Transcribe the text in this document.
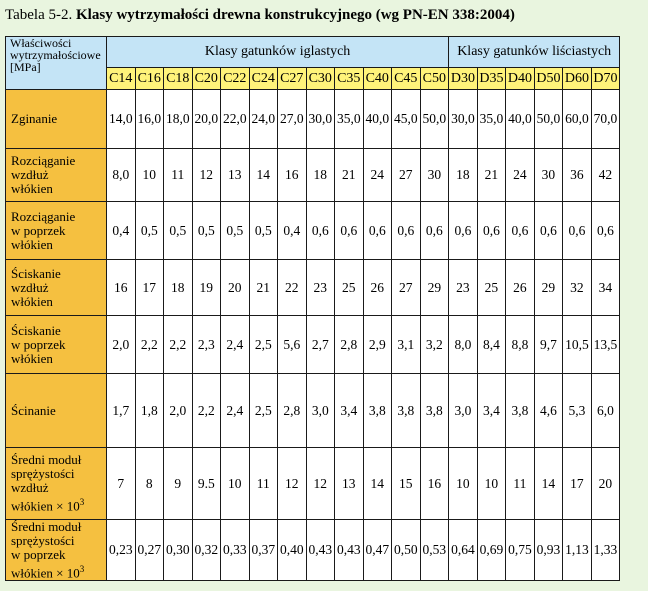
Tabela 5-2. Klasy wytrzymałości drewna konstrukcyjnego (wg PN-EN 338:2004)
Właściwości
wytrzymałościowe
[MPa]	Klasy gatunków iglastych												Klasy gatunków liściastych					
	C14	C16	C18	C20	C22	C24	C27	C30	C35	C40	C45	C50	D30	D35	D40	D50	D60	D70

Zginanie	14,0	16,0	18,0	20,0	22,0	24,0	27,0	30,0	35,0	40,0	45,0	50,0	30,0	35,0	40,0	50,0	60,0	70,0

Rozciąganie
wzdłuż
włókien	8,0	10	11	12	13	14	16	18	21	24	27	30	18	21	24	30	36	42

Rozciąganie
w poprzek
włókien	0,4	0,5	0,5	0,5	0,5	0,5	0,4	0,6	0,6	0,6	0,6	0,6	0,6	0,6	0,6	0,6	0,6	0,6

Ściskanie
wzdłuż
włókien	16	17	18	19	20	21	22	23	25	26	27	29	23	25	26	29	32	34

Ściskanie
w poprzek
włókien	2,0	2,2	2,2	2,3	2,4	2,5	5,6	2,7	2,8	2,9	3,1	3,2	8,0	8,4	8,8	9,7	10,5	13,5

Ścinanie	1,7	1,8	2,0	2,2	2,4	2,5	2,8	3,0	3,4	3,8	3,8	3,8	3,0	3,4	3,8	4,6	5,3	6,0

Średni moduł
sprężystości
wzdłuż
włókien × $10^3$	7	8	9	9.5	10	11	12	12	13	14	15	16	10	10	11	14	17	20

Średni moduł
sprężystości
w poprzek
włókien × $10^3$	0,23	0,27	0,30	0,32	0,33	0,37	0,40	0,43	0,43	0,47	0,50	0,53	0,64	0,69	0,75	0,93	1,13	1,33
